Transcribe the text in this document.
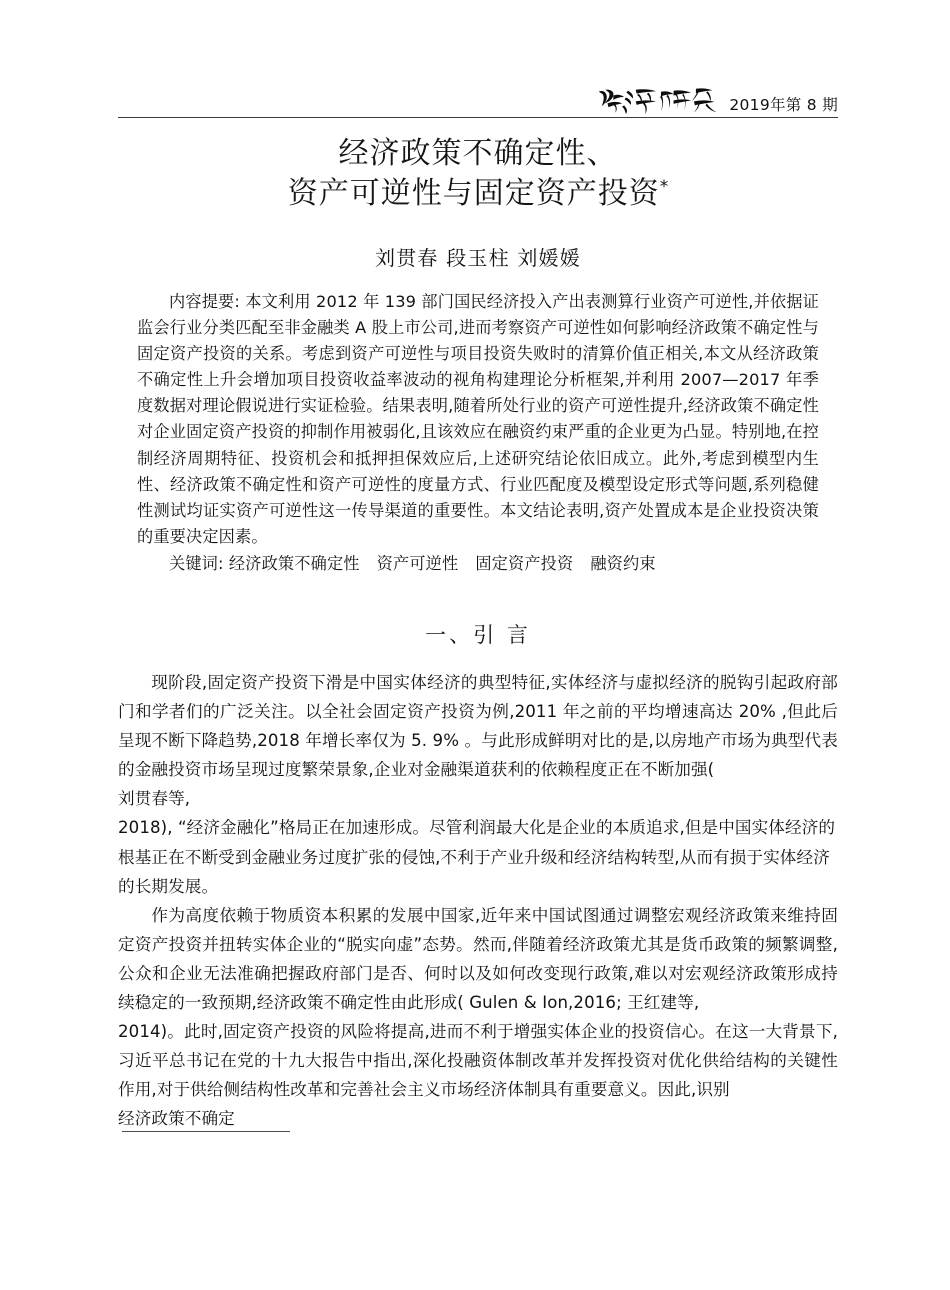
2019年第 8 期
经济政策不确定性、
资产可逆性与固定资产投资*
刘贯春 段玉柱 刘媛媛

内容提要: 本文利用 2012 年 139 部门国民经济投入产出表测算行业资产可逆性,并依据证监会行业分类匹配至非金融类 A 股上市公司,进而考察资产可逆性如何影响经济政策不确定性与固定资产投资的关系。考虑到资产可逆性与项目投资失败时的清算价值正相关,本文从经济政策不确定性上升会增加项目投资收益率波动的视角构建理论分析框架,并利用 2007—2017 年季度数据对理论假说进行实证检验。结果表明,随着所处行业的资产可逆性提升,经济政策不确定性对企业固定资产投资的抑制作用被弱化,且该效应在融资约束严重的企业更为凸显。特别地,在控制经济周期特征、投资机会和抵押担保效应后,上述研究结论依旧成立。此外,考虑到模型内生性、经济政策不确定性和资产可逆性的度量方式、行业匹配度及模型设定形式等问题,系列稳健性测试均证实资产可逆性这一传导渠道的重要性。本文结论表明,资产处置成本是企业投资决策的重要决定因素。

关键词: 经济政策不确定性 资产可逆性 固定资产投资 融资约束
一、引 言

现阶段,固定资产投资下滑是中国实体经济的典型特征,实体经济与虚拟经济的脱钩引起政府部门和学者们的广泛关注。以全社会固定资产投资为例,2011 年之前的平均增速高达 20% ,但此后呈现不断下降趋势,2018 年增长率仅为 5. 9% 。与此形成鲜明对比的是,以房地产市场为典型代表的金融投资市场呈现过度繁荣景象,企业对金融渠道获利的依赖程度正在不断加强(

刘贯春等,

2018), “经济金融化”格局正在加速形成。尽管利润最大化是企业的本质追求,但是中国实体经济的根基正在不断受到金融业务过度扩张的侵蚀,不利于产业升级和经济结构转型,从而有损于实体经济的长期发展。

作为高度依赖于物质资本积累的发展中国家,近年来中国试图通过调整宏观经济政策来维持固定资产投资并扭转实体企业的“脱实向虚”态势。然而,伴随着经济政策尤其是货币政策的频繁调整,公众和企业无法准确把握政府部门是否、何时以及如何改变现行政策,难以对宏观经济政策形成持续稳定的一致预期,经济政策不确定性由此形成( Gulen & Ion,2016; 王红建等,

2014)。此时,固定资产投资的风险将提高,进而不利于增强实体企业的投资信心。在这一大背景下,习近平总书记在党的十九大报告中指出,深化投融资体制改革并发挥投资对优化供给结构的关键性作用,对于供给侧结构性改革和完善社会主义市场经济体制具有重要意义。因此,识别

经济政策不确定
